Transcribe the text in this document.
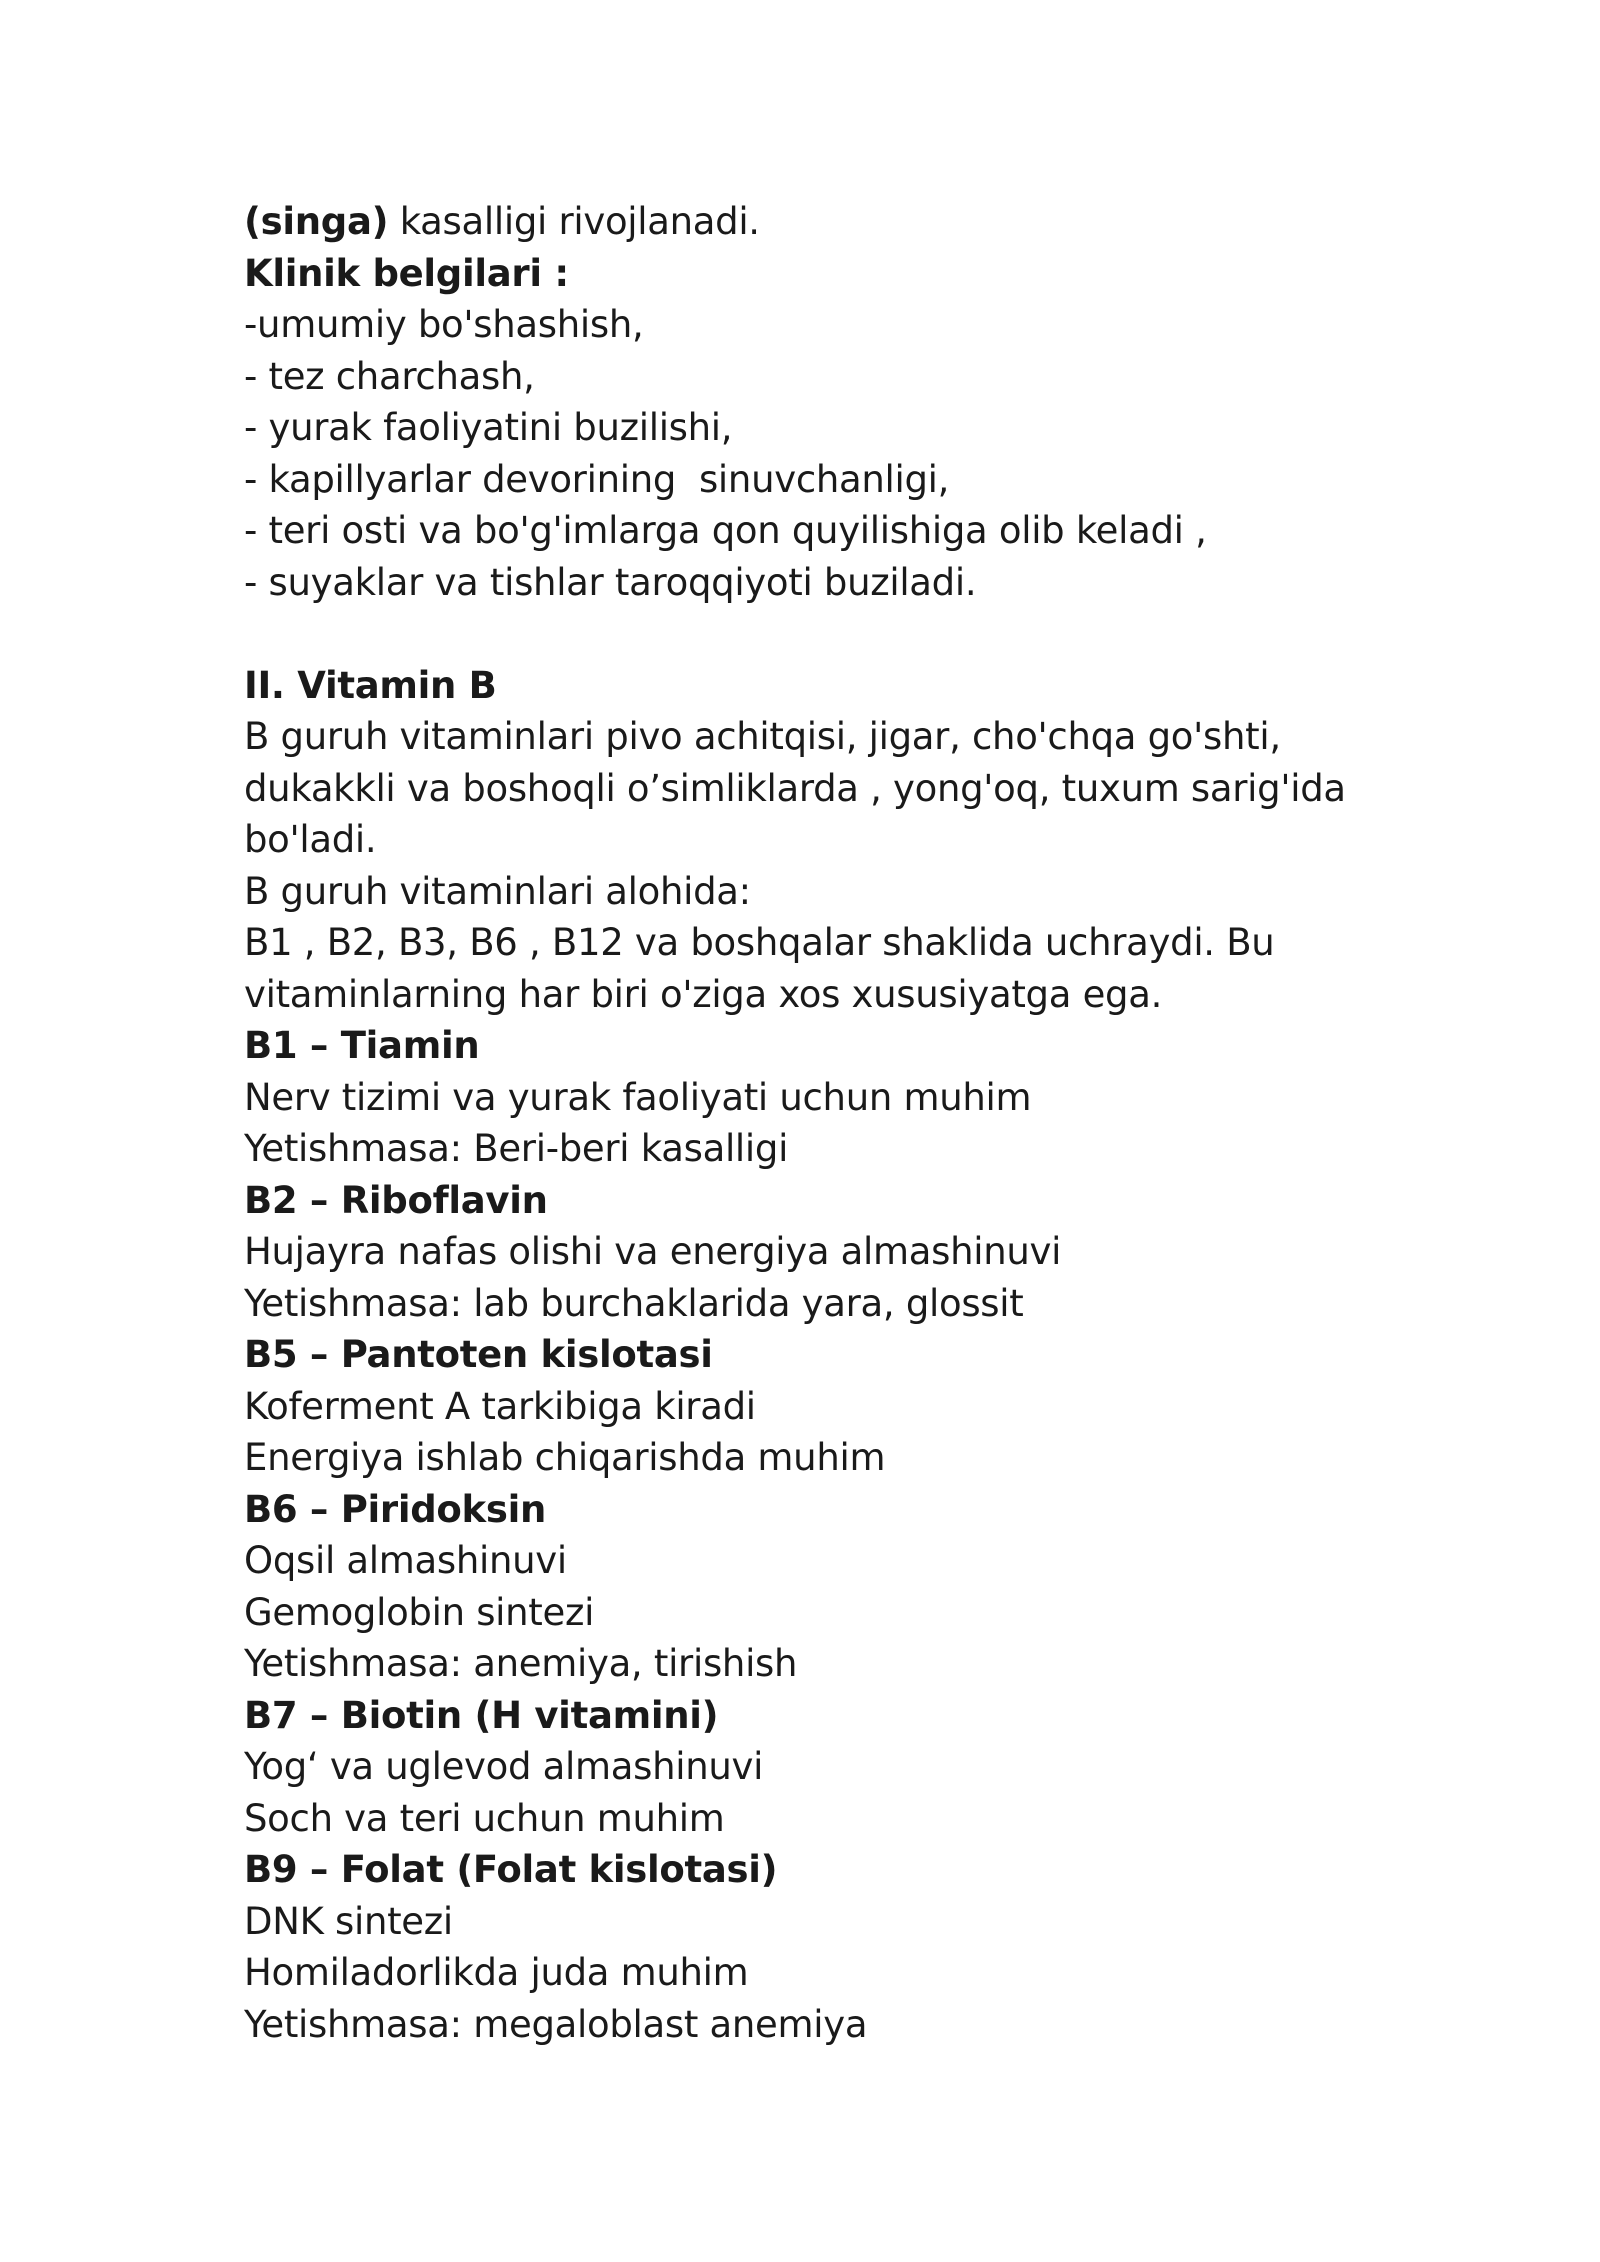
(singa) kasalligi rivojlanadi.

Klinik belgilari :

-umumiy bo'shashish,

- tez charchash,

- yurak faoliyatini buzilishi,

- kapillyarlar devorining  sinuvchanligi,

- teri osti va bo'g'imlarga qon quyilishiga olib keladi ,

- suyaklar va tishlar taroqqiyoti buziladi.

II. Vitamin B

B guruh vitaminlari pivo achitqisi, jigar, cho'chqa go'shti, dukakkli va boshoqli o’simliklarda , yong'oq, tuxum sarig'ida bo'ladi.

B guruh vitaminlari alohida:

B1 , B2, B3, B6 , B12 va boshqalar shaklida uchraydi. Bu vitaminlarning har biri o'ziga xos xususiyatga ega.

B1 – Tiamin

Nerv tizimi va yurak faoliyati uchun muhim

Yetishmasa: Beri-beri kasalligi

B2 – Riboflavin

Hujayra nafas olishi va energiya almashinuvi

Yetishmasa: lab burchaklarida yara, glossit

B5 – Pantoten kislotasi

Koferment A tarkibiga kiradi

Energiya ishlab chiqarishda muhim

B6 – Piridoksin

Oqsil almashinuvi

Gemoglobin sintezi

Yetishmasa: anemiya, tirishish

B7 – Biotin (H vitamini)

Yog‘ va uglevod almashinuvi

Soch va teri uchun muhim

B9 – Folat (Folat kislotasi)

DNK sintezi

Homiladorlikda juda muhim

Yetishmasa: megaloblast anemiya
